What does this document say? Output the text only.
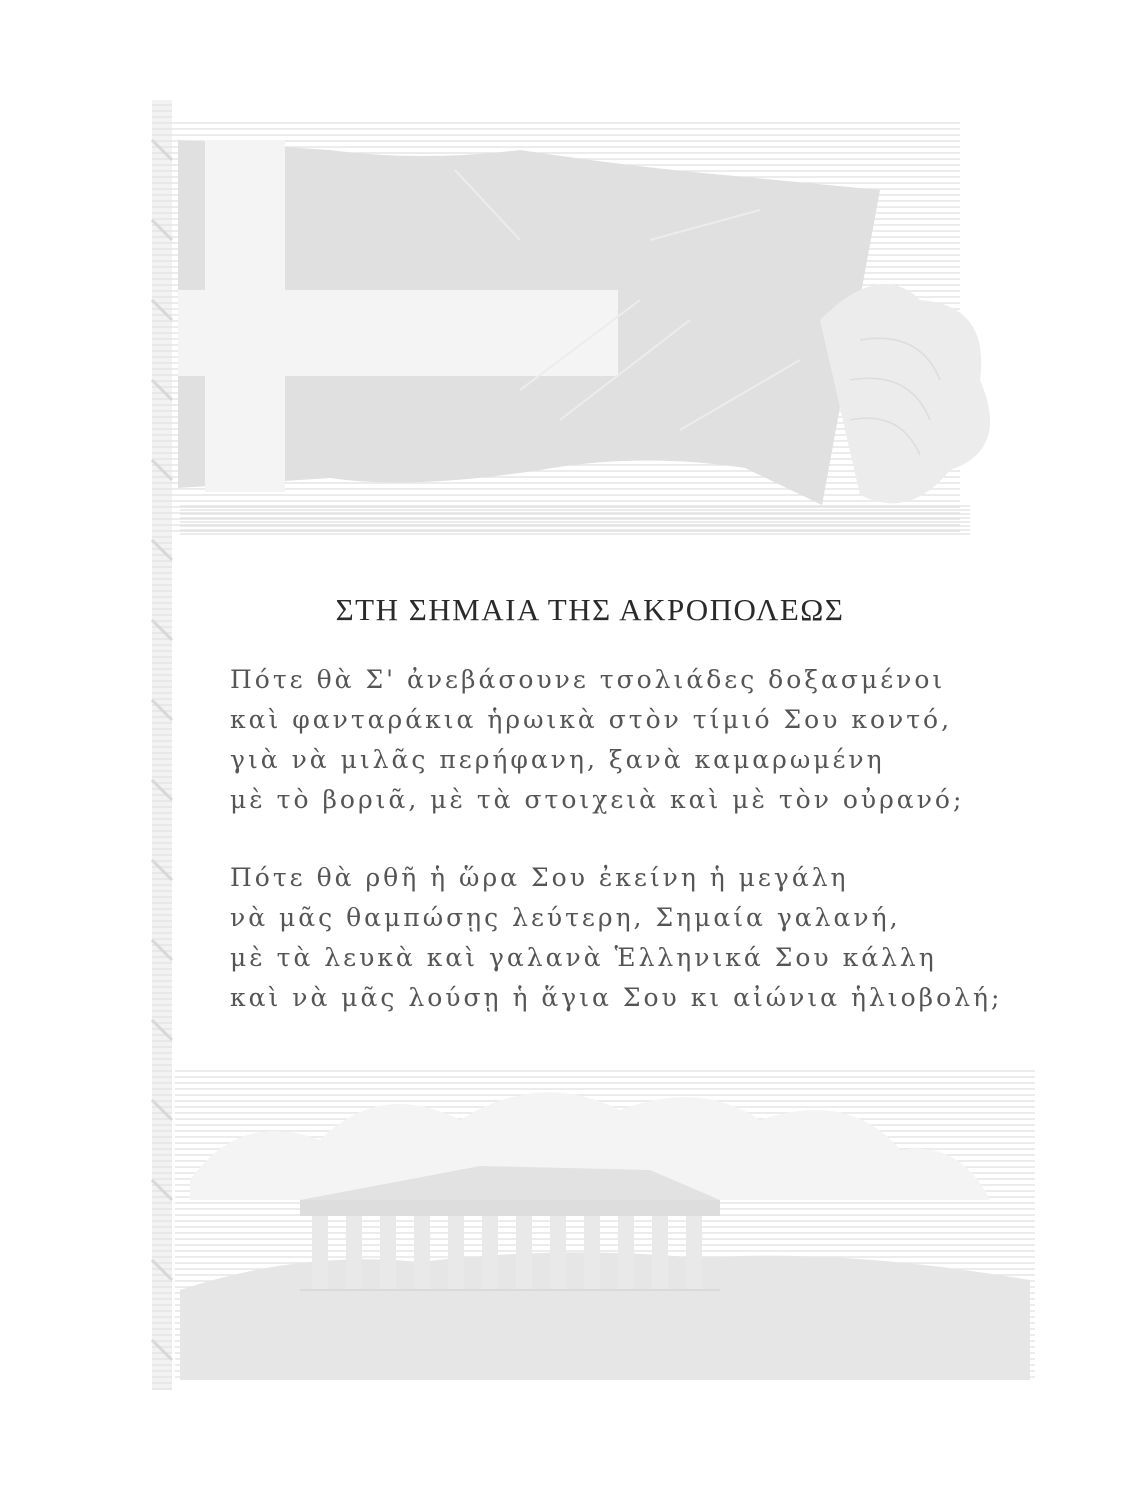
ΣΤΗ ΣΗΜΑΙΑ ΤΗΣ ΑΚΡΟΠΟΛΕΩΣ
Πότε θὰ Σ' ἀνεβάσουνε τσολιάδες δοξασμένοι
καὶ φανταράκια ἡρωικὰ στὸν τίμιό Σου κοντό,
γιὰ νὰ μιλᾶς περήφανη, ξανὰ καμαρωμένη
μὲ τὸ βοριᾶ, μὲ τὰ στοιχειὰ καὶ μὲ τὸν οὐρανό;
Πότε θὰ ρθῆ ἡ ὥρα Σου ἐκείνη ἡ μεγάλη
νὰ μᾶς θαμπώσῃς λεύτερη, Σημαία γαλανή,
μὲ τὰ λευκὰ καὶ γαλανὰ Ἑλληνικά Σου κάλλη
καὶ νὰ μᾶς λούσῃ ἡ ἅγια Σου κι αἰώνια ἡλιοβολή;
